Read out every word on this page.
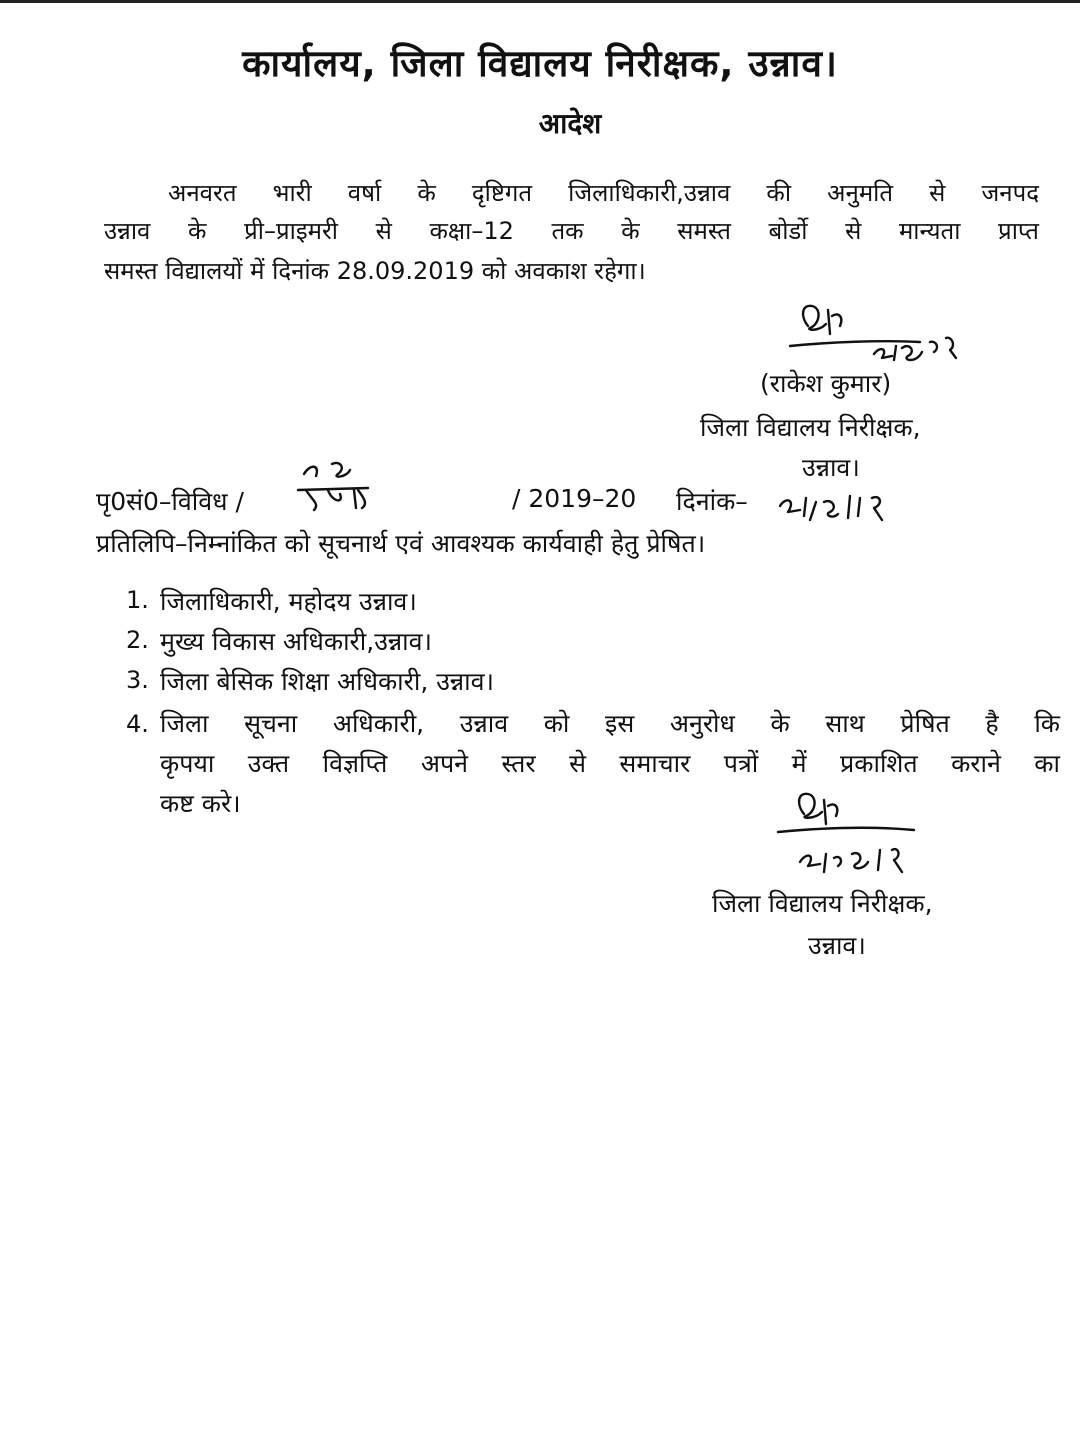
कार्यालय, जिला विद्यालय निरीक्षक, उन्नाव।
आदेश
अनवरत भारी वर्षा के दृष्टिगत जिलाधिकारी,उन्नाव की अनुमति से जनपद
उन्नाव के प्री–प्राइमरी से कक्षा–12 तक के समस्त बोर्डो से मान्यता प्राप्त
समस्त विद्यालयों में दिनांक 28.09.2019 को अवकाश रहेगा।
(राकेश कुमार)
जिला विद्यालय निरीक्षक,
उन्नाव।
पृ0सं0–विविध /	/ 2019–20 दिनांक–
प्रतिलिपि–निम्नांकित को सूचनार्थ एवं आवश्यक कार्यवाही हेतु प्रेषित।
1. जिलाधिकारी, महोदय उन्नाव।
2. मुख्य विकास अधिकारी,उन्नाव।
3. जिला बेसिक शिक्षा अधिकारी, उन्नाव।
4. जिला सूचना अधिकारी, उन्नाव को इस अनुरोध के साथ प्रेषित है कि
कृपया उक्त विज्ञप्ति अपने स्तर से समाचार पत्रों में प्रकाशित कराने का
कष्ट करे।
जिला विद्यालय निरीक्षक,
उन्नाव।
